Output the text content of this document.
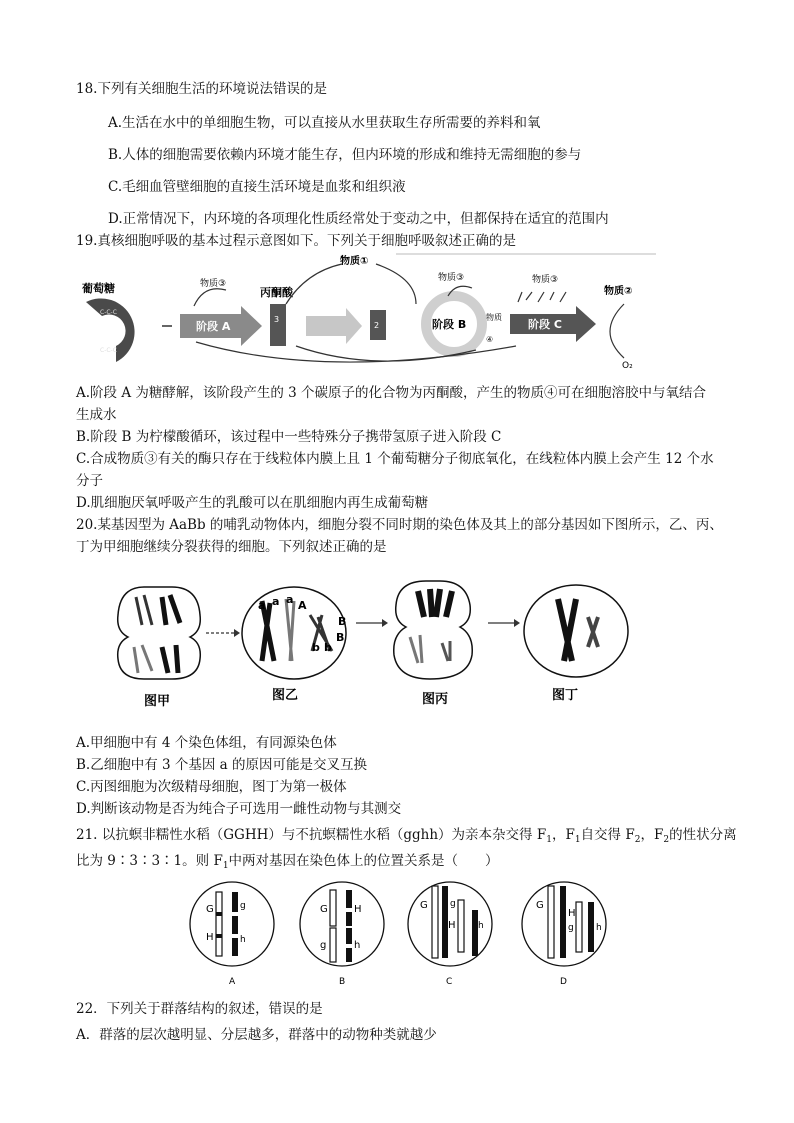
18.下列有关细胞生活的环境说法错误的是
A.生活在水中的单细胞生物，可以直接从水里获取生存所需要的养料和氧
B.人体的细胞需要依赖内环境才能生存，但内环境的形成和维持无需细胞的参与
C.毛细血管壁细胞的直接生活环境是血浆和组织液
D.正常情况下，内环境的各项理化性质经常处于变动之中，但都保持在适宜的范围内
19.真核细胞呼吸的基本过程示意图如下。下列关于细胞呼吸叙述正确的是
葡萄糖
C-C-C
C-C-C
阶段 A
物质③
丙酮酸
3
2
物质①
阶段 B
物质③
物质
④
阶段 C
物质③
物质②
O₂
A.阶段 A 为糖酵解，该阶段产生的 3 个碳原子的化合物为丙酮酸，产生的物质④可在细胞溶胶中与氧结合
生成水
B.阶段 B 为柠檬酸循环，该过程中一些特殊分子携带氢原子进入阶段 C
C.合成物质③有关的酶只存在于线粒体内膜上且 1 个葡萄糖分子彻底氧化，在线粒体内膜上会产生 12 个水
分子
D.肌细胞厌氧呼吸产生的乳酸可以在肌细胞内再生成葡萄糖
20.某基因型为 AaBb 的哺乳动物体内，细胞分裂不同时期的染色体及其上的部分基因如下图所示，乙、丙、
丁为甲细胞继续分裂获得的细胞。下列叙述正确的是
a a a A
B
B
b b
图甲	图乙	图丙	图丁
A.甲细胞中有 4 个染色体组，有同源染色体
B.乙细胞中有 3 个基因 a 的原因可能是交叉互换
C.丙图细胞为次级精母细胞，图丁为第一极体
D.判断该动物是否为纯合子可选用一雌性动物与其测交
21. 以抗螟非糯性水稻（GGHH）与不抗螟糯性水稻（gghh）为亲本杂交得 $F_1$，$F_1$自交得 $F_2$，$F_2$的性状分离
比为 9∶3∶3∶1。则 $F_1$中两对基因在染色体上的位置关系是（　　）
G
H
g
h
A
G
g
H
h
B
G g
H h
C
G
H
g h
D
22．下列关于群落结构的叙述，错误的是
A．群落的层次越明显、分层越多，群落中的动物种类就越少
